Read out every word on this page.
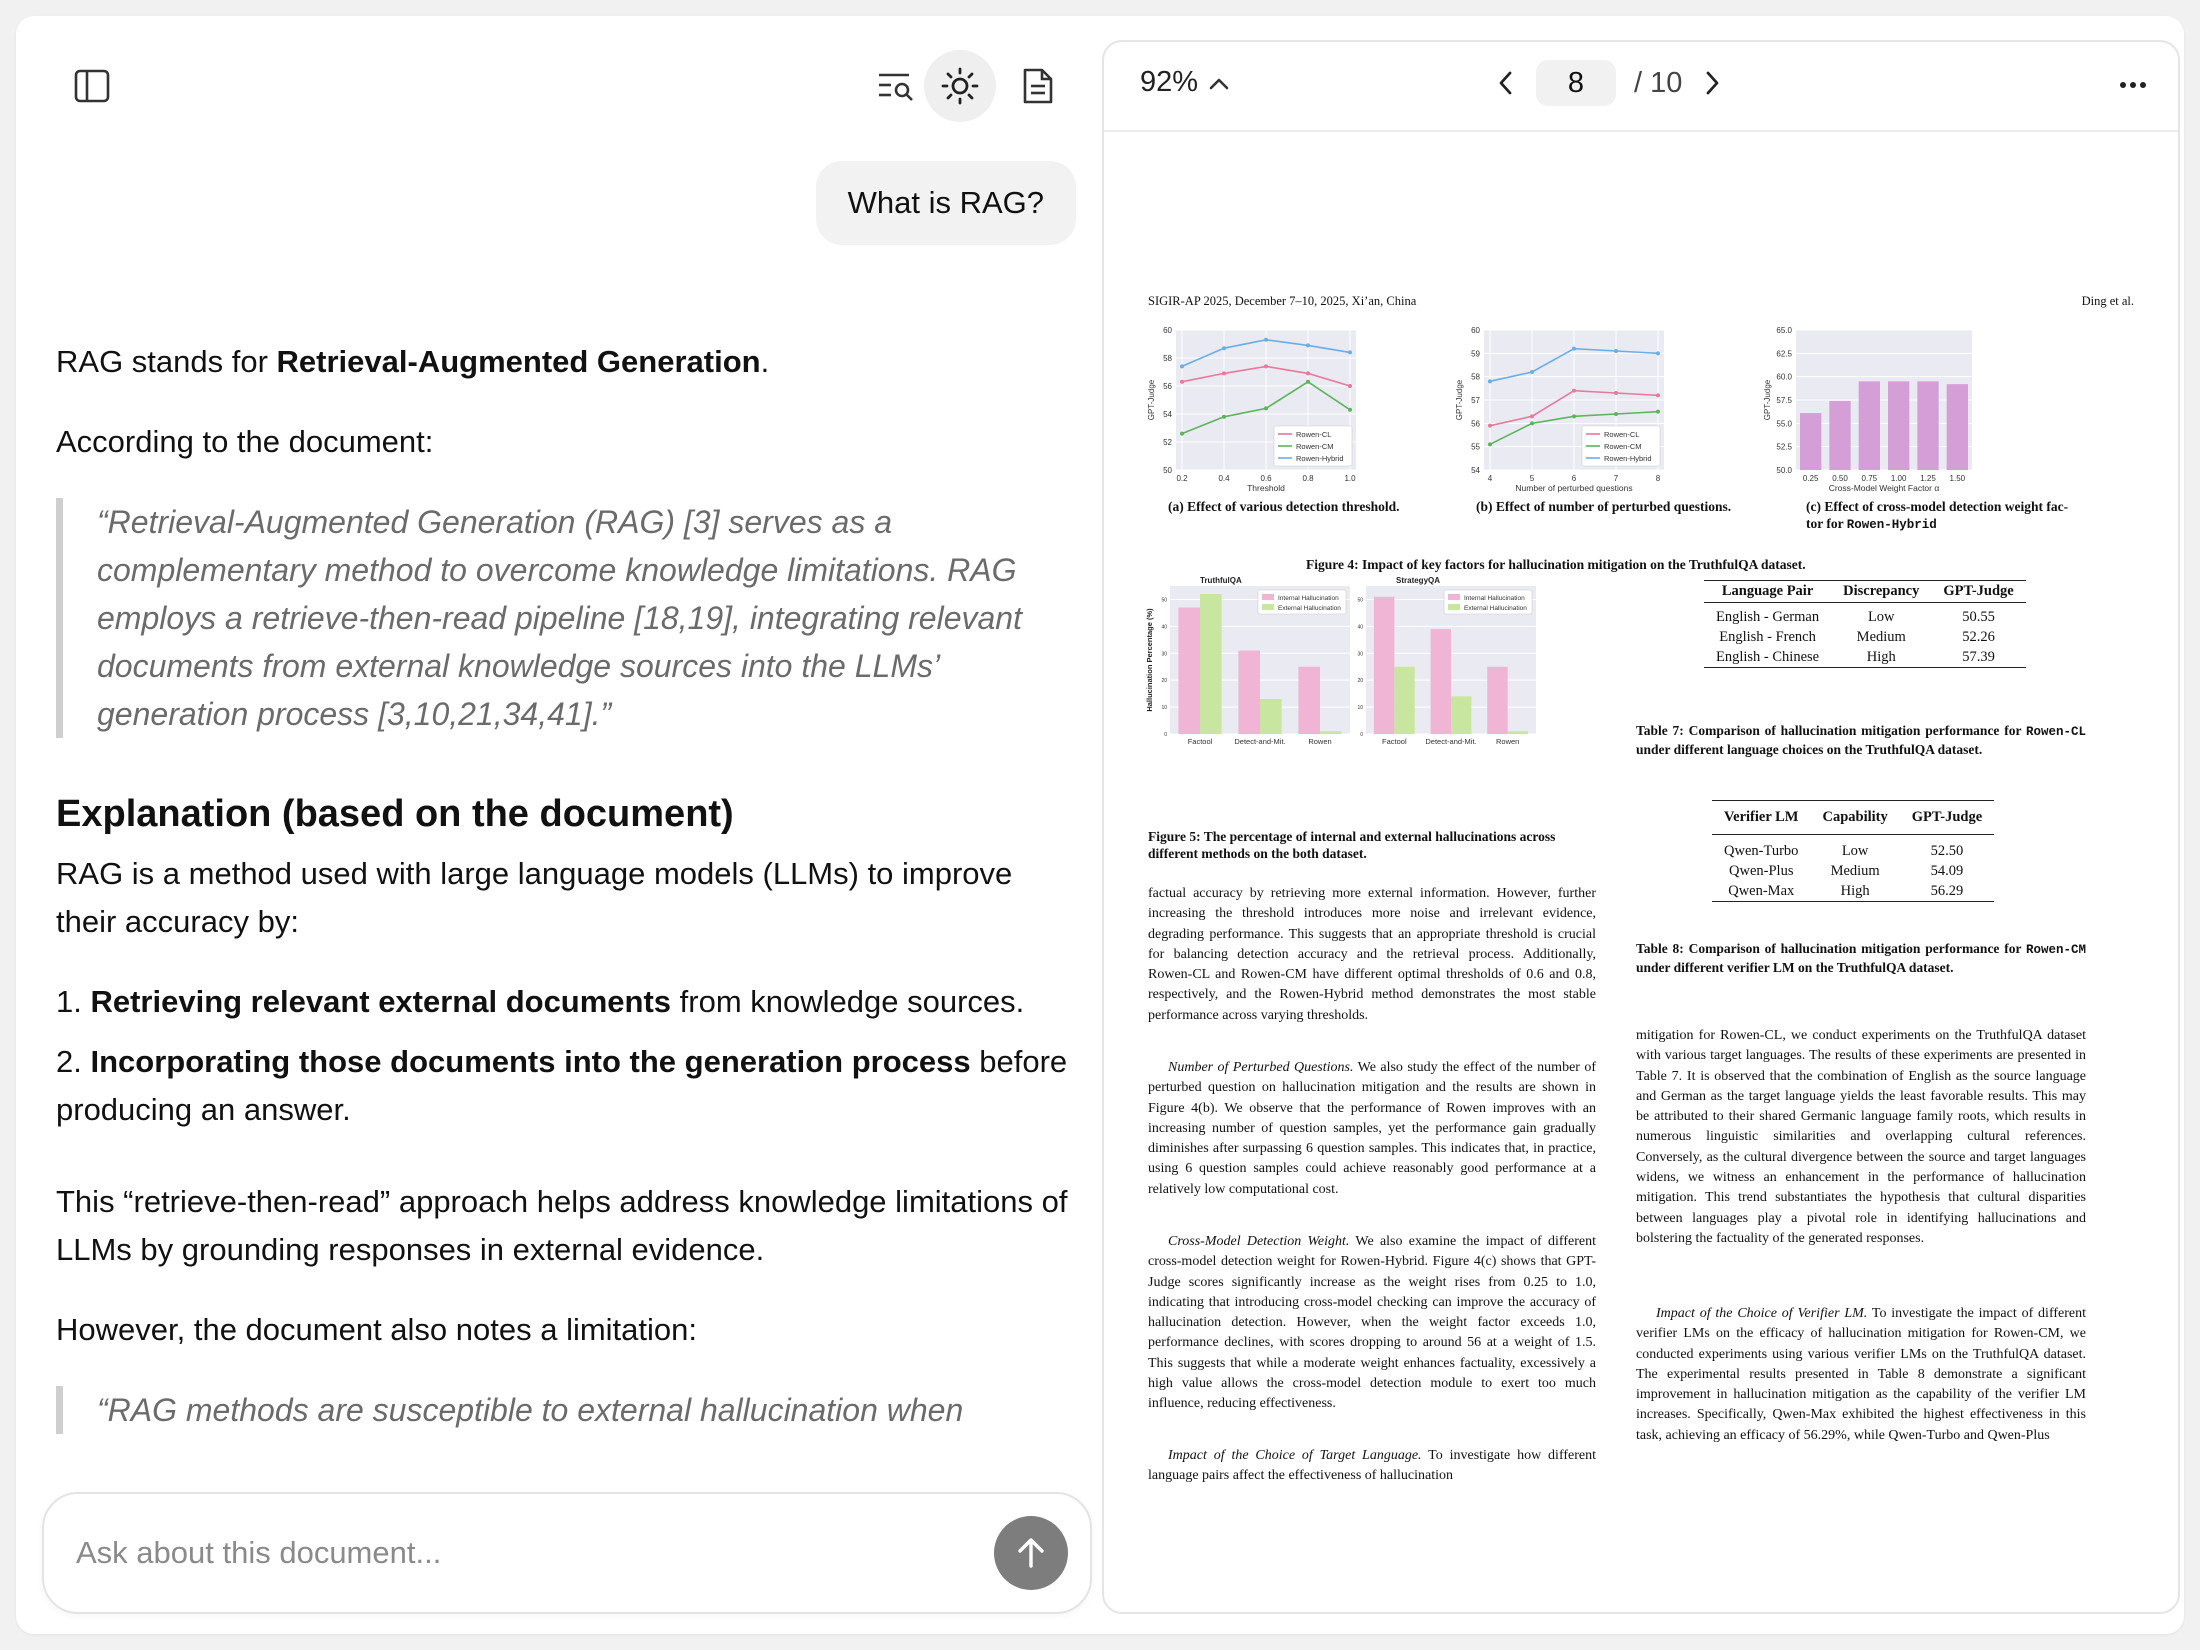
What is RAG?

RAG stands for Retrieval-Augmented Generation.

According to the document:

“Retrieval-Augmented Generation (RAG) [3] serves as a complementary method to overcome knowledge limitations. RAG employs a retrieve-then-read pipeline [18,19], integrating relevant documents from external knowledge sources into the LLMs’ generation process [3,10,21,34,41].”
Explanation (based on the document)

RAG is a method used with large language models (LLMs) to improve their accuracy by:

1. Retrieving relevant external documents from knowledge sources.
2. Incorporating those documents into the generation process before producing an answer.

This “retrieve-then-read” approach helps address knowledge limitations of LLMs by grounding responses in external evidence.

However, the document also notes a limitation:

“RAG methods are susceptible to external hallucination when
Ask about this document...
92%
8	/ 10
SIGIR-AP 2025, December 7–10, 2025, Xi’an, China	Ding et al.
50
52
54
56
58
60
GPT-Judge
0.2	0.4	0.6	0.8	1.0
Threshold
Rowen-CL
Rowen-CM
Rowen-Hybrid
54
55
56
57
58
59
60
GPT-Judge
4	5	6	7	8
Number of perturbed questions
Rowen-CL
Rowen-CM
Rowen-Hybrid
50.0
52.5
55.0
57.5
60.0
62.5
65.0
GPT-Judge
0.25 0.50 0.75 1.00 1.25 1.50
Cross-Model Weight Factor α
(a) Effect of various detection threshold.	(b) Effect of number of perturbed questions.	(c) Effect of cross-model detection weight fac-
tor for Rowen-Hybrid
Figure 4: Impact of key factors for hallucination mitigation on the TruthfulQA dataset.
0
10
20
30
40
50
Hallucination Percentage (%)
TruthfulQA
Factool	Detect-and-Mit.	Rowen
Internal Hallucination
External Hallucination
0
10
20
30
40
50
StrategyQA
Factool Detect-and-Mit.	Rowen
Internal Hallucination
External Hallucination
Figure 5: The percentage of internal and external hallucinations across different methods on the both dataset.
Language Pair	Discrepancy	GPT-Judge
English - German	Low	50.55
English - French	Medium	52.26
English - Chinese	High	57.39
Table 7: Comparison of hallucination mitigation performance for Rowen-CL under different language choices on the TruthfulQA dataset.
Verifier LM	Capability	GPT-Judge
Qwen-Turbo	Low	52.50
Qwen-Plus	Medium	54.09
Qwen-Max	High	56.29
Table 8: Comparison of hallucination mitigation performance for Rowen-CM under different verifier LM on the TruthfulQA dataset.
factual accuracy by retrieving more external information. However, further increasing the threshold introduces more noise and irrelevant evidence, degrading performance. This suggests that an appropriate threshold is crucial for balancing detection accuracy and the retrieval process. Additionally, Rowen-CL and Rowen-CM have different optimal thresholds of 0.6 and 0.8, respectively, and the Rowen-Hybrid method demonstrates the most stable performance across varying thresholds.
Number of Perturbed Questions. We also study the effect of the number of perturbed question on hallucination mitigation and the results are shown in Figure 4(b). We observe that the performance of Rowen improves with an increasing number of question samples, yet the performance gain gradually diminishes after surpassing 6 question samples. This indicates that, in practice, using 6 question samples could achieve reasonably good performance at a relatively low computational cost.
Cross-Model Detection Weight. We also examine the impact of different cross-model detection weight for Rowen-Hybrid. Figure 4(c) shows that GPT-Judge scores significantly increase as the weight rises from 0.25 to 1.0, indicating that introducing cross-model checking can improve the accuracy of hallucination detection. However, when the weight factor exceeds 1.0, performance declines, with scores dropping to around 56 at a weight of 1.5. This suggests that while a moderate weight enhances factuality, excessively a high value allows the cross-model detection module to exert too much influence, reducing effectiveness.
Impact of the Choice of Target Language. To investigate how different language pairs affect the effectiveness of hallucination
mitigation for Rowen-CL, we conduct experiments on the TruthfulQA dataset with various target languages. The results of these experiments are presented in Table 7. It is observed that the combination of English as the source language and German as the target language yields the least favorable results. This may be attributed to their shared Germanic language family roots, which results in numerous linguistic similarities and overlapping cultural references. Conversely, as the cultural divergence between the source and target languages widens, we witness an enhancement in the performance of hallucination mitigation. This trend substantiates the hypothesis that cultural disparities between languages play a pivotal role in identifying hallucinations and bolstering the factuality of the generated responses.
Impact of the Choice of Verifier LM. To investigate the impact of different verifier LMs on the efficacy of hallucination mitigation for Rowen-CM, we conducted experiments using various verifier LMs on the TruthfulQA dataset. The experimental results presented in Table 8 demonstrate a significant improvement in hallucination mitigation as the capability of the verifier LM increases. Specifically, Qwen-Max exhibited the highest effectiveness in this task, achieving an efficacy of 56.29%, while Qwen-Turbo and Qwen-Plus
